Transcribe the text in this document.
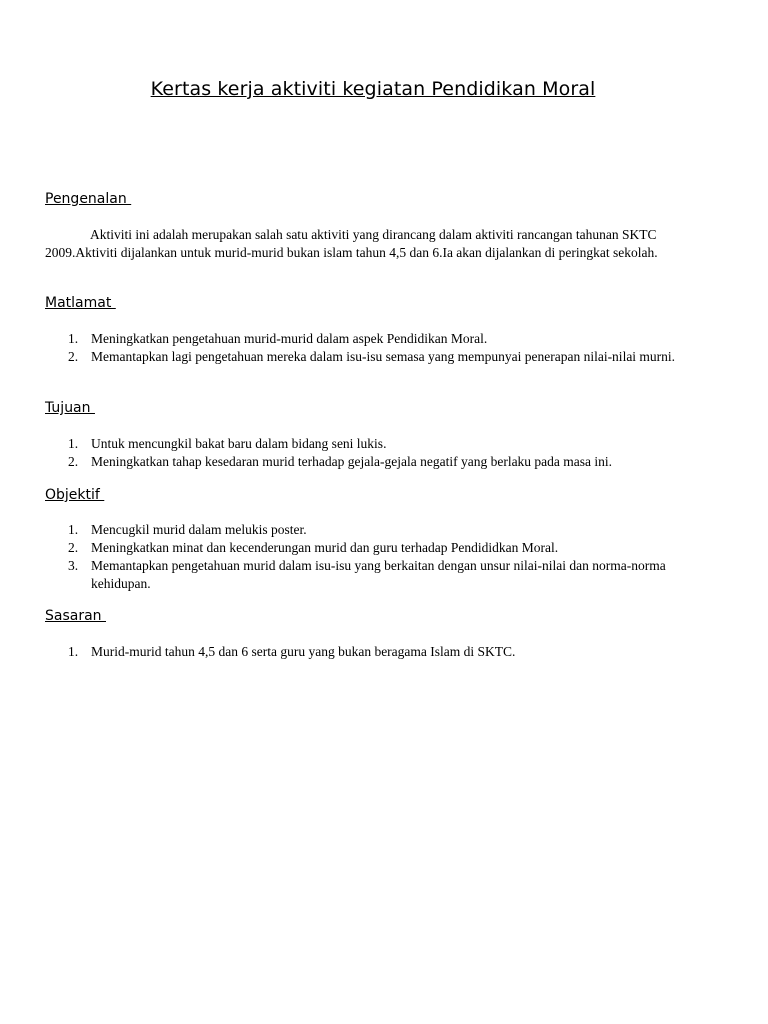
Kertas kerja aktiviti kegiatan Pendidikan Moral
Pengenalan

Aktiviti ini adalah merupakan salah satu aktiviti yang dirancang dalam aktiviti rancangan tahunan SKTC 2009.Aktiviti dijalankan untuk murid-murid bukan islam tahun 4,5 dan 6.Ia akan dijalankan di peringkat sekolah.

Matlamat
1. Meningkatkan pengetahuan murid-murid dalam aspek Pendidikan Moral.
2. Memantapkan lagi pengetahuan mereka dalam isu-isu semasa yang mempunyai penerapan nilai-nilai murni.
Tujuan
1. Untuk mencungkil bakat baru dalam bidang seni lukis.
2. Meningkatkan tahap kesedaran murid terhadap gejala-gejala negatif yang berlaku pada masa ini.
Objektif
1. Mencugkil murid dalam melukis poster.
2. Meningkatkan minat dan kecenderungan murid dan guru terhadap Pendididkan Moral.
3. Memantapkan pengetahuan murid dalam isu-isu yang berkaitan dengan unsur nilai-nilai dan norma-norma kehidupan.
Sasaran
1. Murid-murid tahun 4,5 dan 6 serta guru yang bukan beragama Islam di SKTC.
